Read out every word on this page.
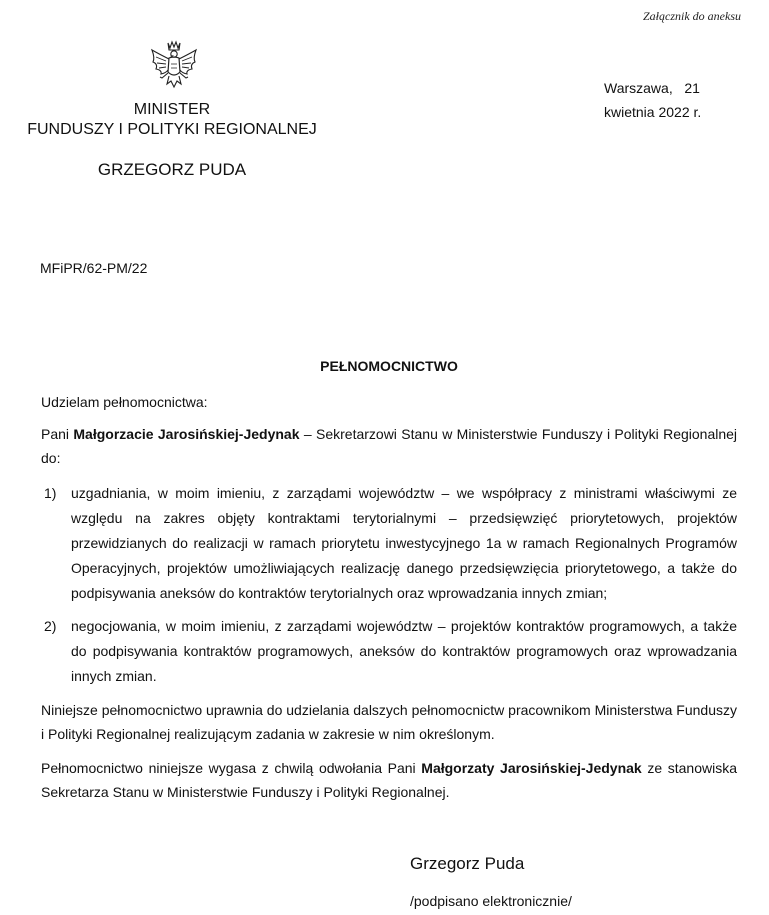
Załącznik do aneksu
MINISTER
FUNDUSZY I POLITYKI REGIONALNEJ
GRZEGORZ PUDA
Warszawa,   21
kwietnia 2022 r.
MFiPR/62-PM/22
PEŁNOMOCNICTWO
Udzielam pełnomocnictwa:
Pani Małgorzacie Jarosińskiej-Jedynak – Sekretarzowi Stanu w Ministerstwie Funduszy i Polityki Regionalnej do:
1) uzgadniania, w moim imieniu, z zarządami województw – we współpracy z ministrami właściwymi ze względu na zakres objęty kontraktami terytorialnymi – przedsięwzięć priorytetowych, projektów przewidzianych do realizacji w ramach priorytetu inwestycyjnego 1a w ramach Regionalnych Programów Operacyjnych, projektów umożliwiających realizację danego przedsięwzięcia priorytetowego, a także do podpisywania aneksów do kontraktów terytorialnych oraz wprowadzania innych zmian;
2) negocjowania, w moim imieniu, z zarządami województw – projektów kontraktów programowych, a także do podpisywania kontraktów programowych, aneksów do kontraktów programowych oraz wprowadzania innych zmian.
Niniejsze pełnomocnictwo uprawnia do udzielania dalszych pełnomocnictw pracownikom Ministerstwa Funduszy i Polityki Regionalnej realizującym zadania w zakresie w nim określonym.
Pełnomocnictwo niniejsze wygasa z chwilą odwołania Pani Małgorzaty Jarosińskiej-Jedynak ze stanowiska Sekretarza Stanu w Ministerstwie Funduszy i Polityki Regionalnej.
Grzegorz Puda
/podpisano elektronicznie/
